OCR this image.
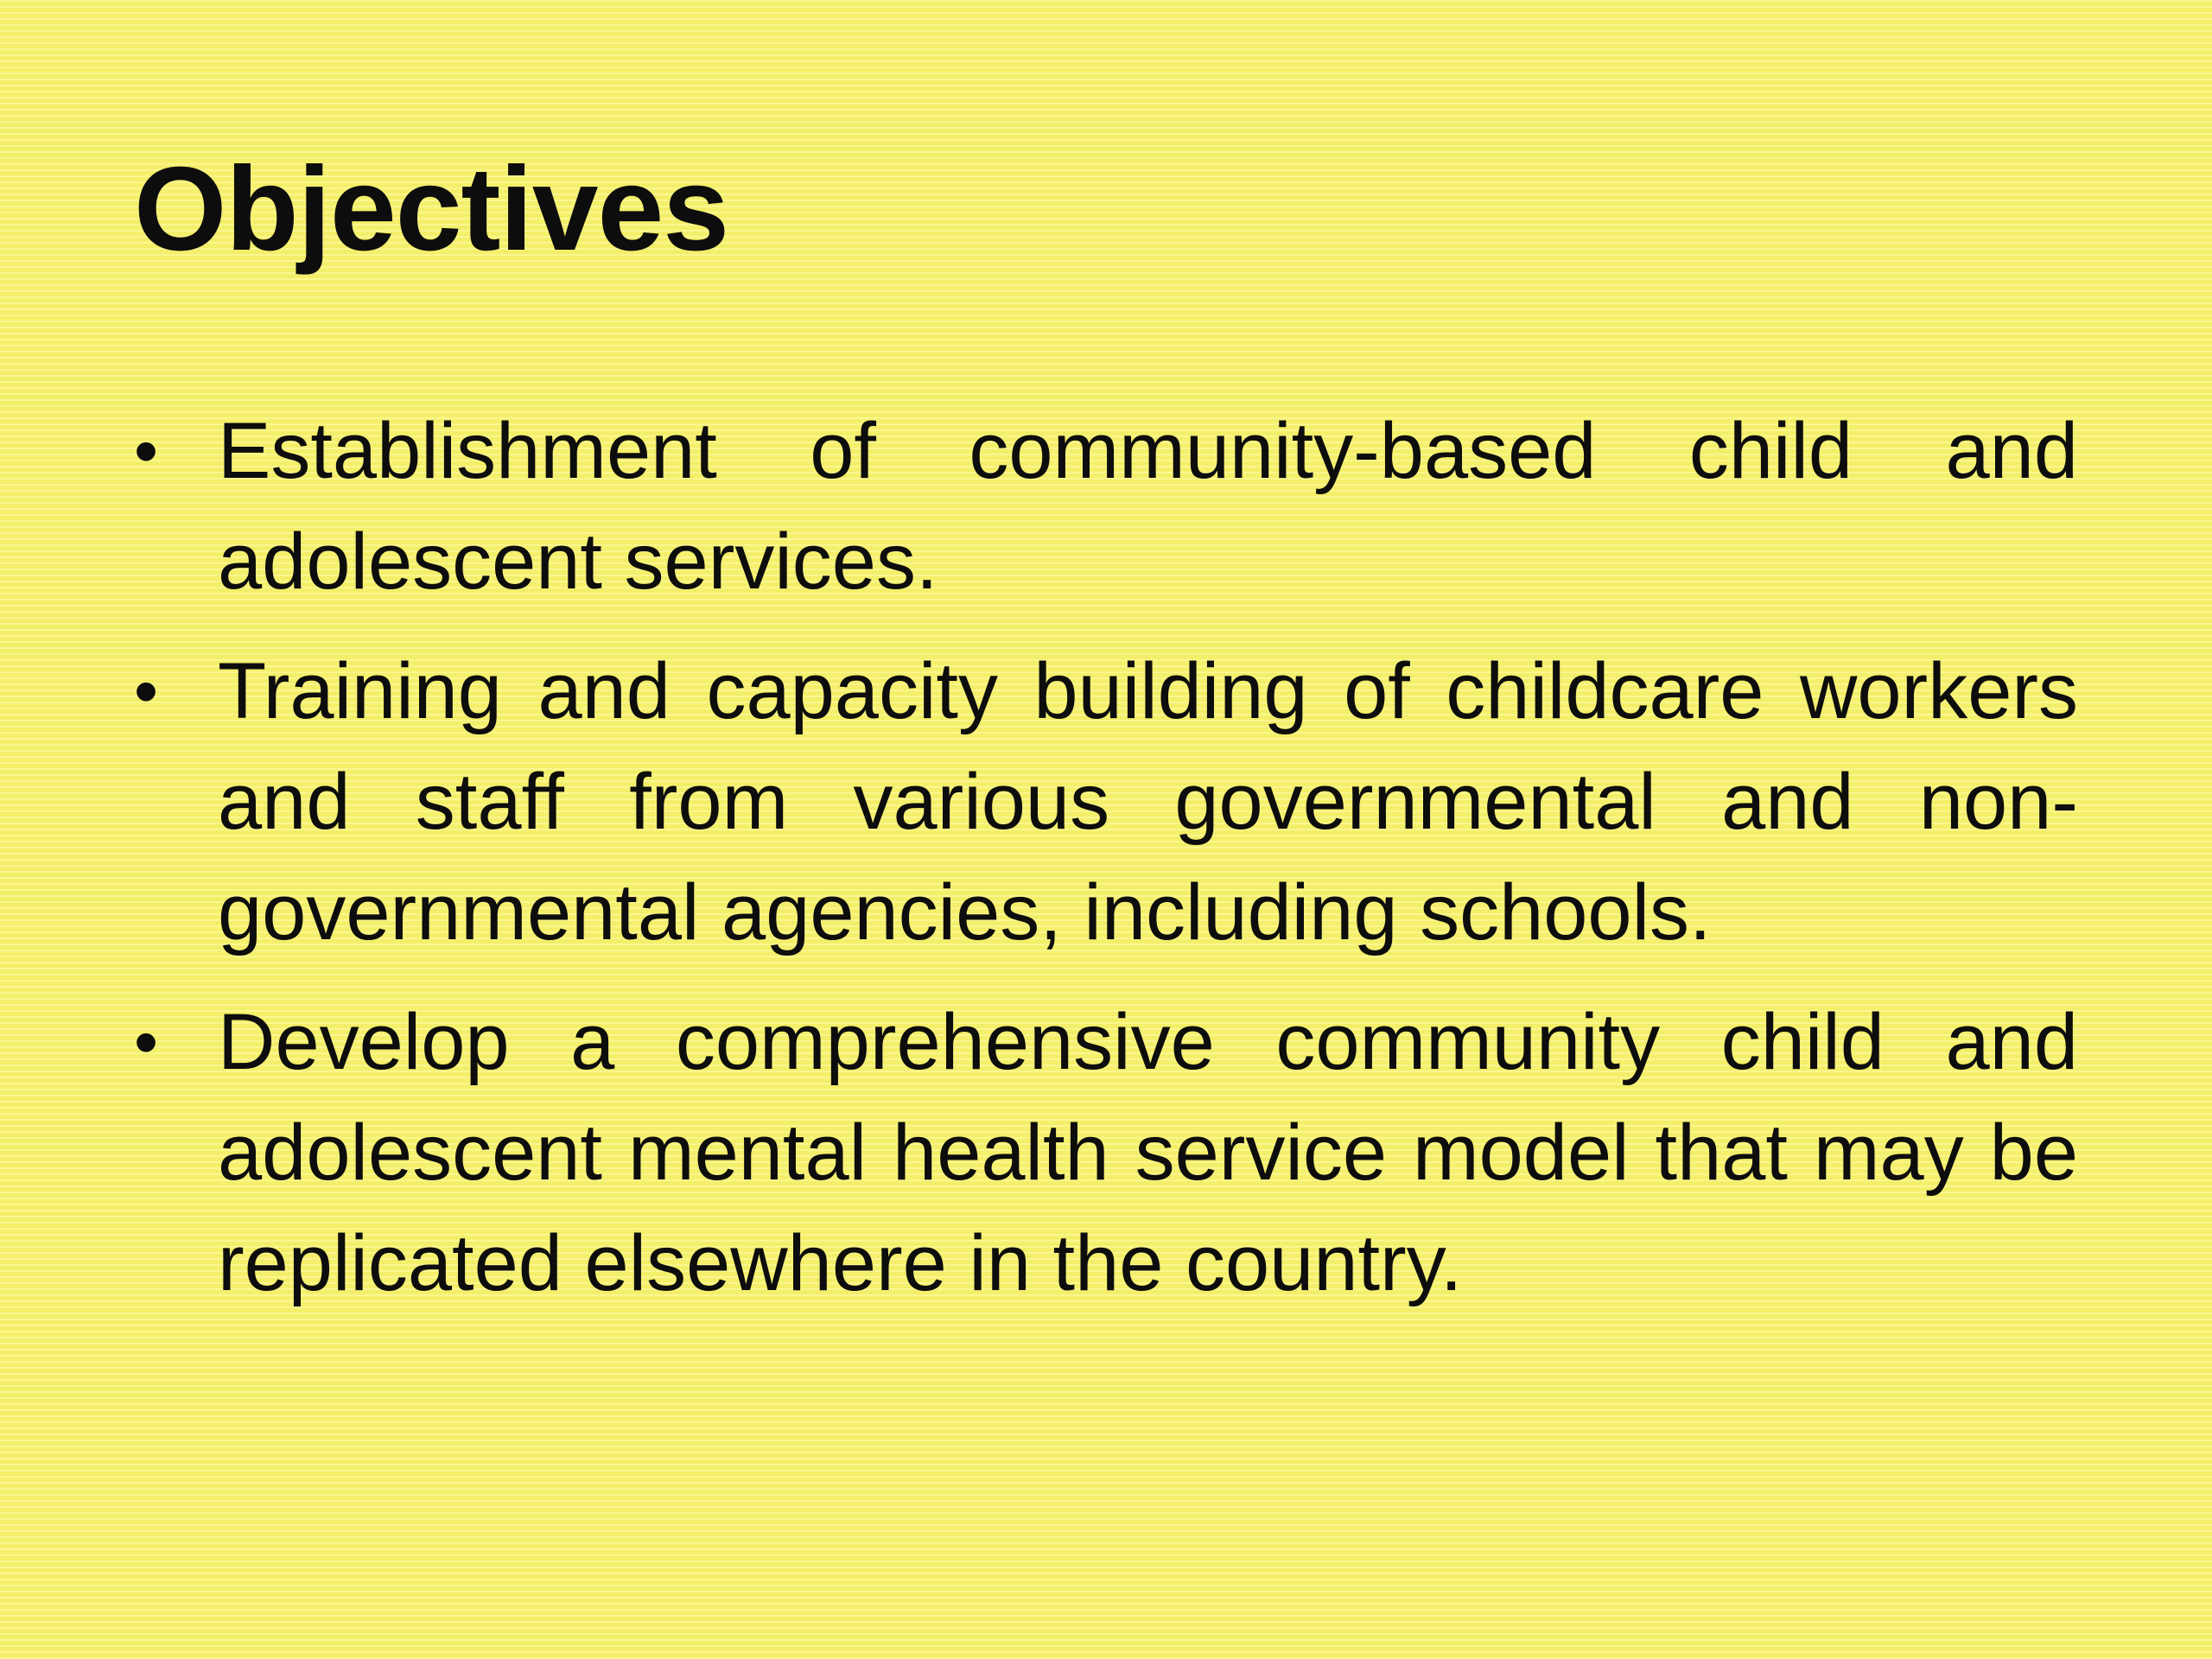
Objectives
• Establishment of community-based child and adolescent services.
• Training and capacity building of childcare workers and staff from various governmental and non-governmental agencies, including schools.
• Develop a comprehensive community child and adolescent mental health service model that may be replicated elsewhere in the country.
